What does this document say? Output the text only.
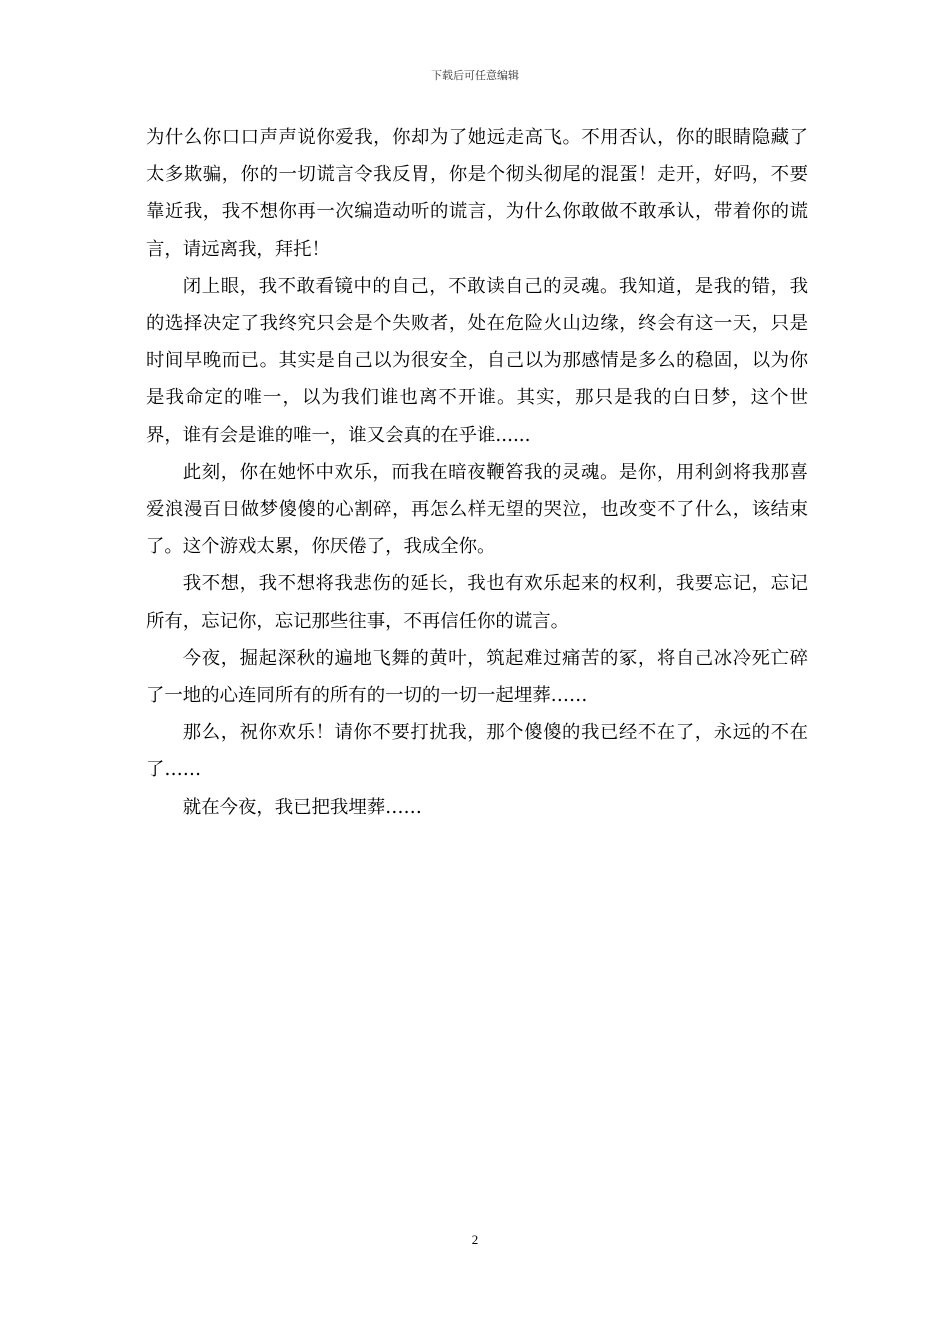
下载后可任意编辑

为什么你口口声声说你爱我，你却为了她远走高飞。不用否认，你的眼睛隐藏了太多欺骗，你的一切谎言令我反胃，你是个彻头彻尾的混蛋！走开，好吗，不要靠近我，我不想你再一次编造动听的谎言，为什么你敢做不敢承认，带着你的谎言，请远离我，拜托！

闭上眼，我不敢看镜中的自己，不敢读自己的灵魂。我知道，是我的错，我的选择决定了我终究只会是个失败者，处在危险火山边缘，终会有这一天，只是时间早晚而已。其实是自己以为很安全，自己以为那感情是多么的稳固，以为你是我命定的唯一，以为我们谁也离不开谁。其实，那只是我的白日梦，这个世界，谁有会是谁的唯一，谁又会真的在乎谁......

此刻，你在她怀中欢乐，而我在暗夜鞭笞我的灵魂。是你，用利剑将我那喜爱浪漫百日做梦傻傻的心割碎，再怎么样无望的哭泣，也改变不了什么，该结束了。这个游戏太累，你厌倦了，我成全你。

我不想，我不想将我悲伤的延长，我也有欢乐起来的权利，我要忘记，忘记所有，忘记你，忘记那些往事，不再信任你的谎言。

今夜，掘起深秋的遍地飞舞的黄叶，筑起难过痛苦的冢，将自己冰冷死亡碎了一地的心连同所有的所有的一切的一切一起埋葬……

那么，祝你欢乐！请你不要打扰我，那个傻傻的我已经不在了，永远的不在了……

就在今夜，我已把我埋葬……

2
